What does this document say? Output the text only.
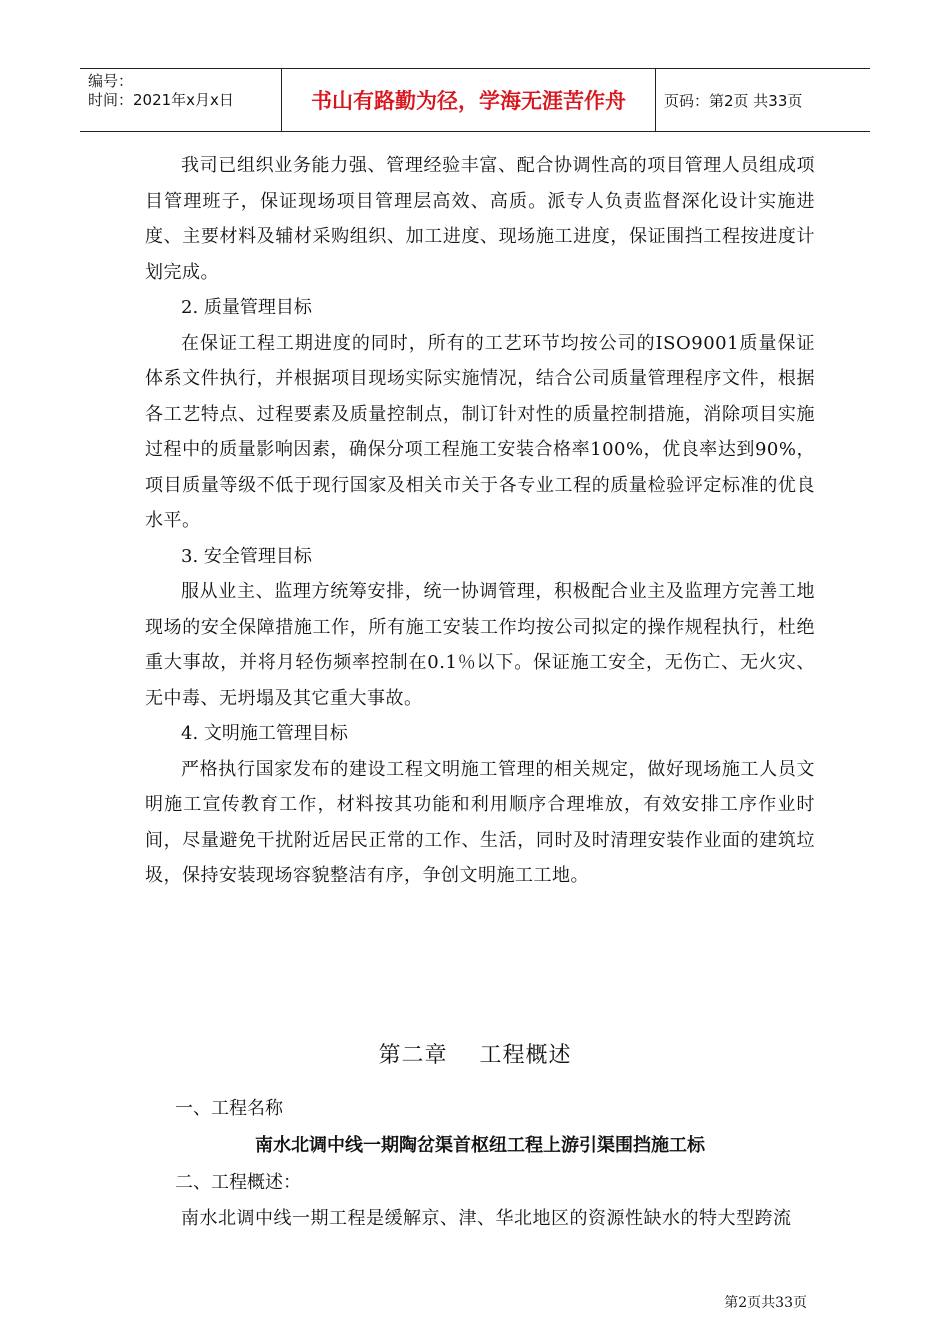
编号：
时间：2021年x月x日	书山有路勤为径，学海无涯苦作舟	页码：第2页 共33页

我司已组织业务能力强、管理经验丰富、配合协调性高的项目管理人员组成项目管理班子，保证现场项目管理层高效、高质。派专人负责监督深化设计实施进度、主要材料及辅材采购组织、加工进度、现场施工进度，保证围挡工程按进度计划完成。

2. 质量管理目标

在保证工程工期进度的同时，所有的工艺环节均按公司的ISO9001质量保证体系文件执行，并根据项目现场实际实施情况，结合公司质量管理程序文件，根据各工艺特点、过程要素及质量控制点，制订针对性的质量控制措施，消除项目实施过程中的质量影响因素，确保分项工程施工安装合格率100%，优良率达到90%，项目质量等级不低于现行国家及相关市关于各专业工程的质量检验评定标准的优良水平。

3. 安全管理目标

服从业主、监理方统筹安排，统一协调管理，积极配合业主及监理方完善工地现场的安全保障措施工作，所有施工安装工作均按公司拟定的操作规程执行，杜绝重大事故，并将月轻伤频率控制在0.1％以下。保证施工安全，无伤亡、无火灾、无中毒、无坍塌及其它重大事故。

4. 文明施工管理目标

严格执行国家发布的建设工程文明施工管理的相关规定，做好现场施工人员文明施工宣传教育工作，材料按其功能和利用顺序合理堆放，有效安排工序作业时间，尽量避免干扰附近居民正常的工作、生活，同时及时清理安装作业面的建筑垃圾，保持安装现场容貌整洁有序，争创文明施工工地。

第二章    工程概述

一、工程名称

南水北调中线一期陶岔渠首枢纽工程上游引渠围挡施工标

二、工程概述：

南水北调中线一期工程是缓解京、津、华北地区的资源性缺水的特大型跨流

第2页共33页
